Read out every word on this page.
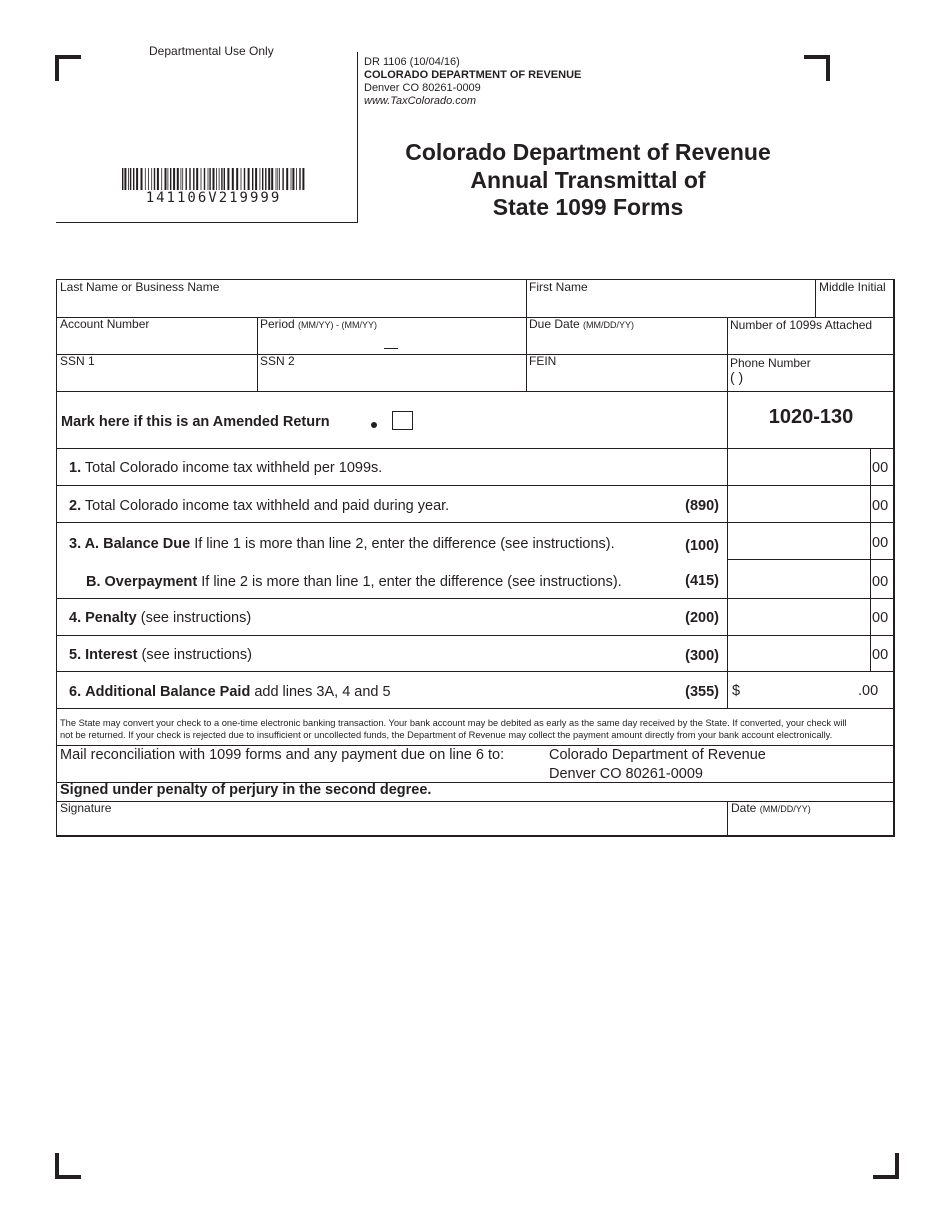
Departmental Use Only
141106V219999
DR 1106 (10/04/16)
COLORADO DEPARTMENT OF REVENUE
Denver CO 80261-0009
www.TaxColorado.com
Colorado Department of Revenue
Annual Transmittal of
State 1099 Forms
Last Name or Business Name	First Name	Middle Initial
Account Number	Period (MM/YY) - (MM/YY)	Due Date (MM/DD/YY)	Number of 1099s Attached
SSN 1	SSN 2	FEIN	Phone Number
( )
Mark here if this is an Amended Return	1020-130
1. Total Colorado income tax withheld per 1099s.	00
2. Total Colorado income tax withheld and paid during year.	(890)	00
3. A. Balance Due If line 1 is more than line 2, enter the difference (see instructions).	(100)	00
B. Overpayment If line 2 is more than line 1, enter the difference (see instructions).	(415)	00
4. Penalty (see instructions)	(200)	00
5. Interest (see instructions)	(300)	00
6. Additional Balance Paid add lines 3A, 4 and 5	(355) $	.00
The State may convert your check to a one-time electronic banking transaction. Your bank account may be debited as early as the same day received by the State. If converted, your check will
not be returned. If your check is rejected due to insufficient or uncollected funds, the Department of Revenue may collect the payment amount directly from your bank account electronically.
Mail reconciliation with 1099 forms and any payment due on line 6 to:	Colorado Department of Revenue
Denver CO 80261-0009
Signed under penalty of perjury in the second degree.
Signature	Date (MM/DD/YY)
